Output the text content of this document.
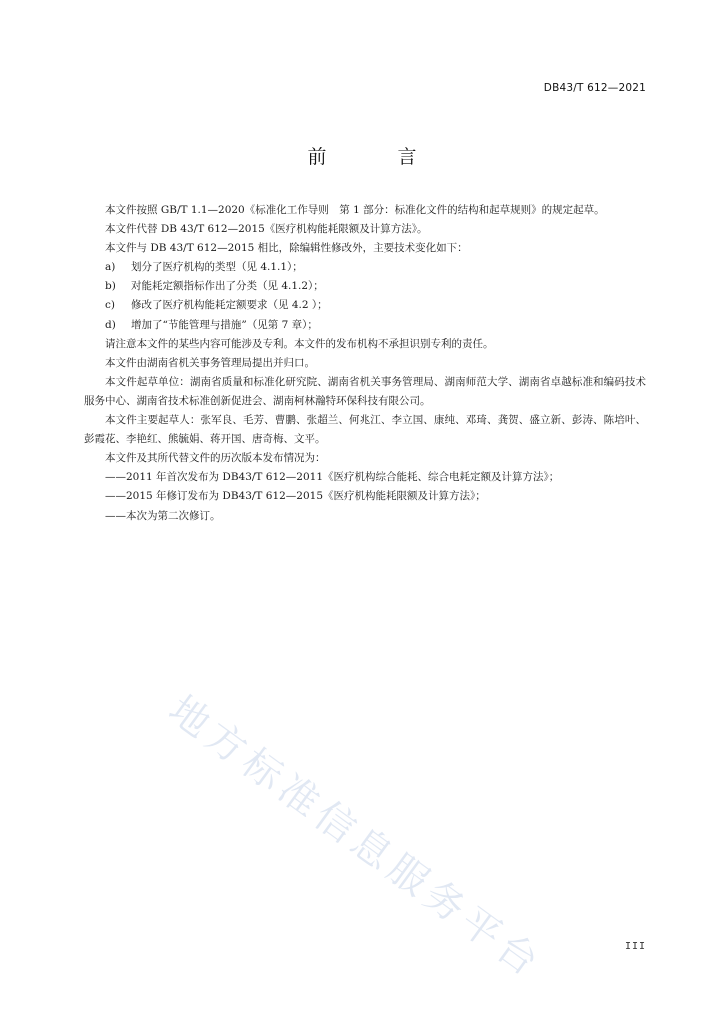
DB43/T 612—2021
前　言

本文件按照 GB/T 1.1—2020《标准化工作导则　第 1 部分：标准化文件的结构和起草规则》的规定起草。

本文件代替 DB 43/T 612—2015《医疗机构能耗限额及计算方法》。

本文件与 DB 43/T 612—2015 相比，除编辑性修改外，主要技术变化如下：

a)	划分了医疗机构的类型（见 4.1.1）；
b)	对能耗定额指标作出了分类（见 4.1.2）；
c)	修改了医疗机构能耗定额要求（见 4.2 ）；
d)	增加了“节能管理与措施”（见第 7 章）；

请注意本文件的某些内容可能涉及专利。本文件的发布机构不承担识别专利的责任。

本文件由湖南省机关事务管理局提出并归口。

本文件起草单位：湖南省质量和标准化研究院、湖南省机关事务管理局、湖南师范大学、湖南省卓越标准和编码技术服务中心、湖南省技术标准创新促进会、湖南柯林瀚特环保科技有限公司。

本文件主要起草人：张军良、毛芳、曹鹏、张超兰、何兆江、李立国、康纯、邓琦、龚贺、盛立新、彭涛、陈培叶、彭霞花、李艳红、熊毓娟、蒋开国、唐奇梅、文平。

本文件及其所代替文件的历次版本发布情况为：

——2011 年首次发布为 DB43/T 612—2011《医疗机构综合能耗、综合电耗定额及计算方法》；

——2015 年修订发布为 DB43/T 612—2015《医疗机构能耗限额及计算方法》；

——本次为第二次修订。

地方标准信息服务平台	III
